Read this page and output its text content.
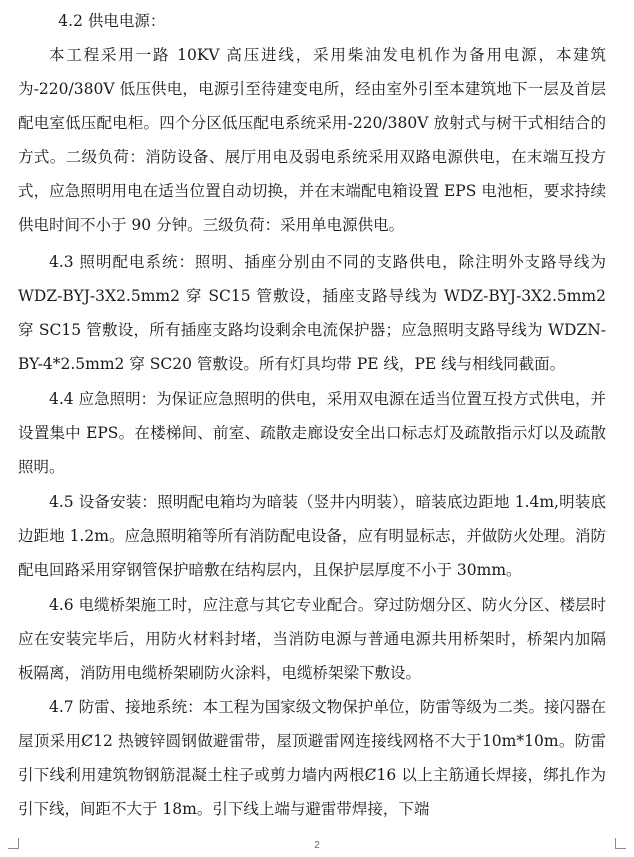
4.2 供电电源：

本工程采用一路 10KV 高压进线，采用柴油发电机作为备用电源，本建筑为-220/380V 低压供电，电源引至待建变电所，经由室外引至本建筑地下一层及首层配电室低压配电柜。四个分区低压配电系统采用-220/380V 放射式与树干式相结合的方式。二级负荷：消防设备、展厅用电及弱电系统采用双路电源供电，在末端互投方式，应急照明用电在适当位置自动切换，并在末端配电箱设置 EPS 电池柜，要求持续供电时间不小于 90 分钟。三级负荷：采用单电源供电。

4.3 照明配电系统：照明、插座分别由不同的支路供电，除注明外支路导线为 WDZ-BYJ-3X2.5mm2 穿 SC15 管敷设，插座支路导线为 WDZ-BYJ-3X2.5mm2 穿 SC15 管敷设，所有插座支路均设剩余电流保护器；应急照明支路导线为 WDZN-BY-4*2.5mm2 穿 SC20 管敷设。所有灯具均带 PE 线，PE 线与相线同截面。

4.4 应急照明：为保证应急照明的供电，采用双电源在适当位置互投方式供电，并设置集中 EPS。在楼梯间、前室、疏散走廊设安全出口标志灯及疏散指示灯以及疏散照明。

4.5 设备安装：照明配电箱均为暗装（竖井内明装），暗装底边距地 1.4m,明装底边距地 1.2m。应急照明箱等所有消防配电设备，应有明显标志，并做防火处理。消防配电回路采用穿钢管保护暗敷在结构层内，且保护层厚度不小于 30mm。

4.6 电缆桥架施工时，应注意与其它专业配合。穿过防烟分区、防火分区、楼层时应在安装完毕后，用防火材料封堵，当消防电源与普通电源共用桥架时，桥架内加隔板隔离，消防用电缆桥架刷防火涂料，电缆桥架梁下敷设。

4.7 防雷、接地系统：本工程为国家级文物保护单位，防雷等级为二类。接闪器在屋顶采用Ȼ12 热镀锌圆钢做避雷带，屋顶避雷网连接线网格不大于10m*10m。防雷引下线利用建筑物钢筋混凝土柱子或剪力墙内两根Ȼ16 以上主筋通长焊接，绑扎作为引下线，间距不大于 18m。引下线上端与避雷带焊接，下端

2
